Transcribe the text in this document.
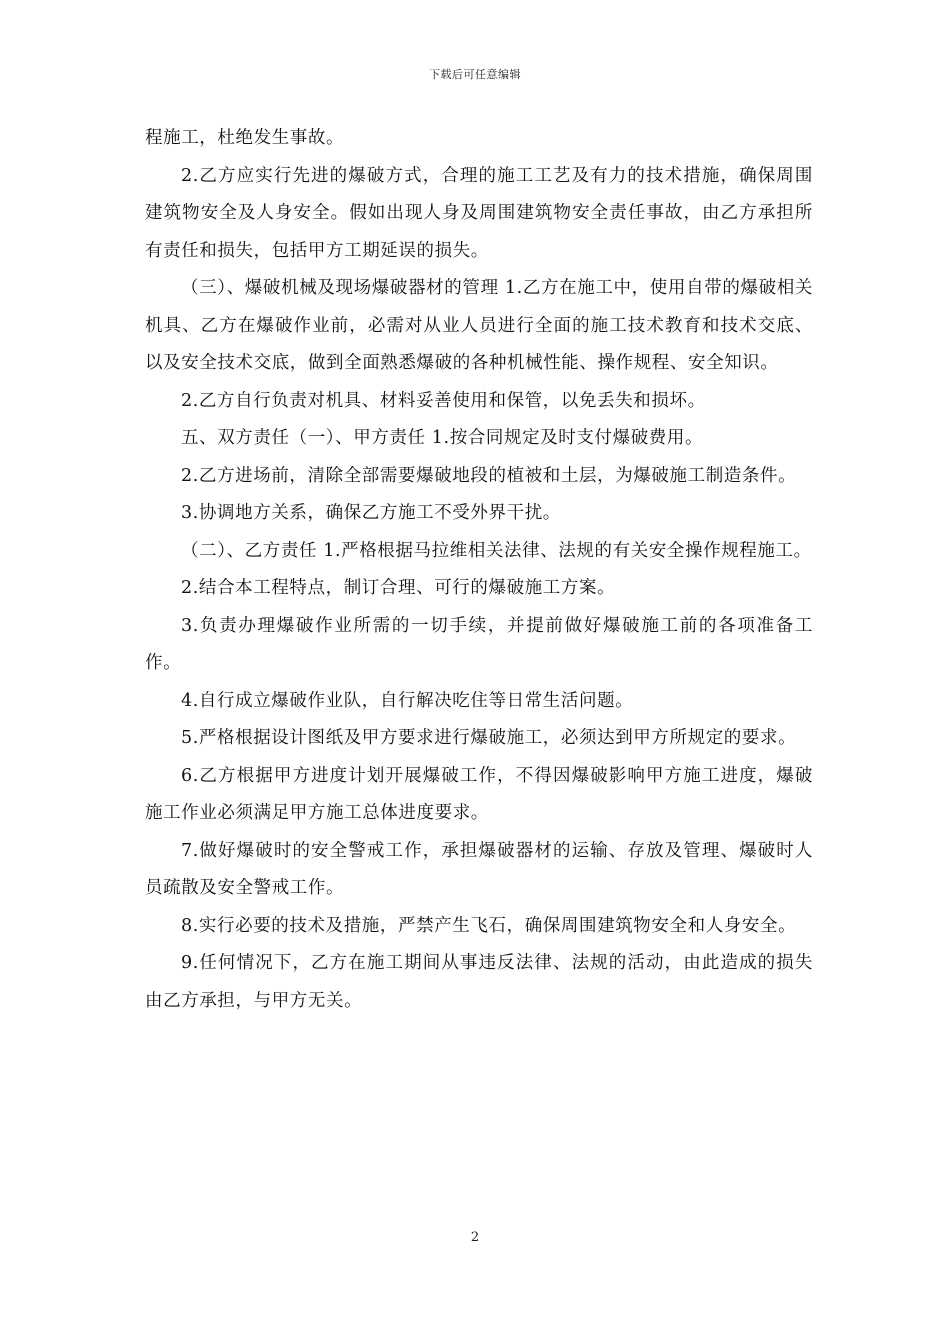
下载后可任意编辑

程施工，杜绝发生事故。

2.乙方应实行先进的爆破方式，合理的施工工艺及有力的技术措施，确保周围建筑物安全及人身安全。假如出现人身及周围建筑物安全责任事故，由乙方承担所有责任和损失，包括甲方工期延误的损失。

（三）、爆破机械及现场爆破器材的管理 1.乙方在施工中，使用自带的爆破相关机具、乙方在爆破作业前，必需对从业人员进行全面的施工技术教育和技术交底、以及安全技术交底，做到全面熟悉爆破的各种机械性能、操作规程、安全知识。

2.乙方自行负责对机具、材料妥善使用和保管，以免丢失和损坏。

五、双方责任（一）、甲方责任 1.按合同规定及时支付爆破费用。

2.乙方进场前，清除全部需要爆破地段的植被和土层，为爆破施工制造条件。

3.协调地方关系，确保乙方施工不受外界干扰。

（二）、乙方责任 1.严格根据马拉维相关法律、法规的有关安全操作规程施工。

2.结合本工程特点，制订合理、可行的爆破施工方案。

3.负责办理爆破作业所需的一切手续，并提前做好爆破施工前的各项准备工作。

4.自行成立爆破作业队，自行解决吃住等日常生活问题。

5.严格根据设计图纸及甲方要求进行爆破施工，必须达到甲方所规定的要求。

6.乙方根据甲方进度计划开展爆破工作，不得因爆破影响甲方施工进度，爆破施工作业必须满足甲方施工总体进度要求。

7.做好爆破时的安全警戒工作，承担爆破器材的运输、存放及管理、爆破时人员疏散及安全警戒工作。

8.实行必要的技术及措施，严禁产生飞石，确保周围建筑物安全和人身安全。

9.任何情况下，乙方在施工期间从事违反法律、法规的活动，由此造成的损失由乙方承担，与甲方无关。

2
